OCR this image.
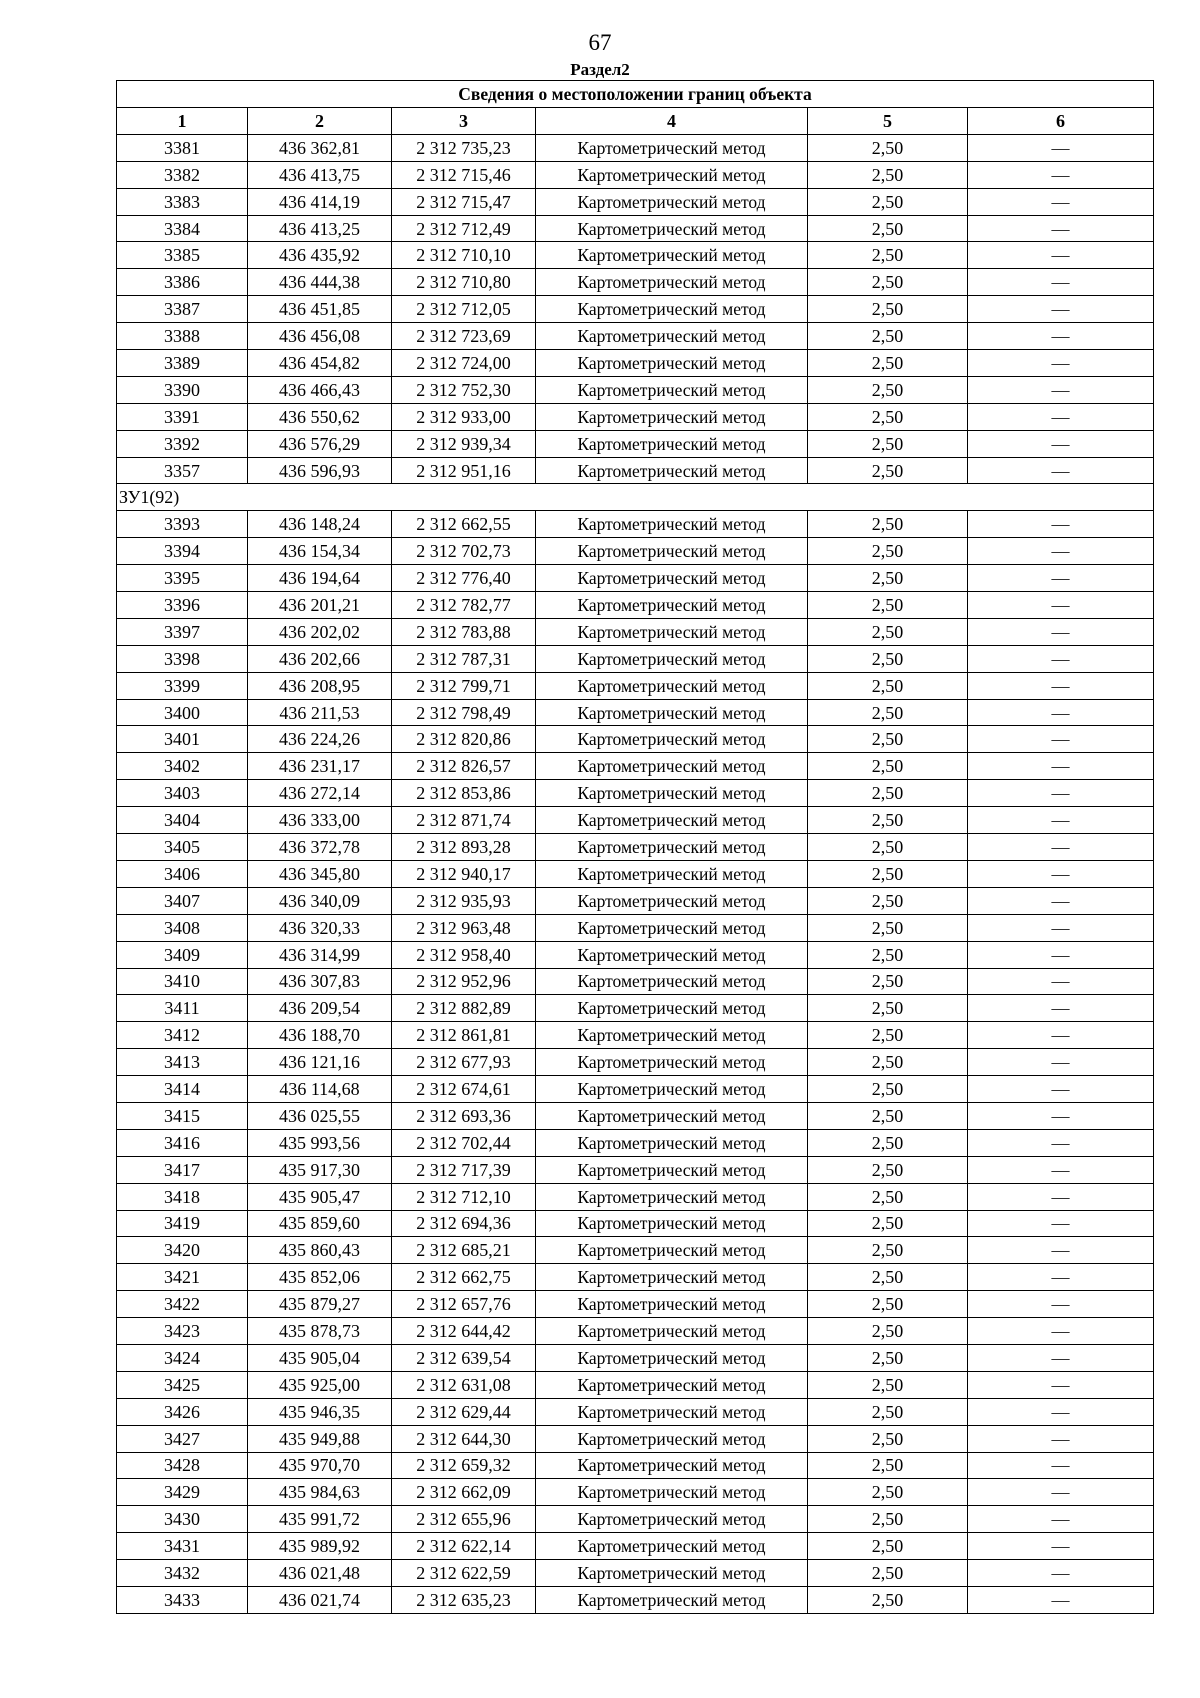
67
Раздел2
Сведения о местоположении границ объекта					
1	2	3	4	5	6
3381	436 362,81	2 312 735,23	Картометрический метод	2,50	—
3382	436 413,75	2 312 715,46	Картометрический метод	2,50	—
3383	436 414,19	2 312 715,47	Картометрический метод	2,50	—
3384	436 413,25	2 312 712,49	Картометрический метод	2,50	—
3385	436 435,92	2 312 710,10	Картометрический метод	2,50	—
3386	436 444,38	2 312 710,80	Картометрический метод	2,50	—
3387	436 451,85	2 312 712,05	Картометрический метод	2,50	—
3388	436 456,08	2 312 723,69	Картометрический метод	2,50	—
3389	436 454,82	2 312 724,00	Картометрический метод	2,50	—
3390	436 466,43	2 312 752,30	Картометрический метод	2,50	—
3391	436 550,62	2 312 933,00	Картометрический метод	2,50	—
3392	436 576,29	2 312 939,34	Картометрический метод	2,50	—
3357	436 596,93	2 312 951,16	Картометрический метод	2,50	—
ЗУ1(92)					
3393	436 148,24	2 312 662,55	Картометрический метод	2,50	—
3394	436 154,34	2 312 702,73	Картометрический метод	2,50	—
3395	436 194,64	2 312 776,40	Картометрический метод	2,50	—
3396	436 201,21	2 312 782,77	Картометрический метод	2,50	—
3397	436 202,02	2 312 783,88	Картометрический метод	2,50	—
3398	436 202,66	2 312 787,31	Картометрический метод	2,50	—
3399	436 208,95	2 312 799,71	Картометрический метод	2,50	—
3400	436 211,53	2 312 798,49	Картометрический метод	2,50	—
3401	436 224,26	2 312 820,86	Картометрический метод	2,50	—
3402	436 231,17	2 312 826,57	Картометрический метод	2,50	—
3403	436 272,14	2 312 853,86	Картометрический метод	2,50	—
3404	436 333,00	2 312 871,74	Картометрический метод	2,50	—
3405	436 372,78	2 312 893,28	Картометрический метод	2,50	—
3406	436 345,80	2 312 940,17	Картометрический метод	2,50	—
3407	436 340,09	2 312 935,93	Картометрический метод	2,50	—
3408	436 320,33	2 312 963,48	Картометрический метод	2,50	—
3409	436 314,99	2 312 958,40	Картометрический метод	2,50	—
3410	436 307,83	2 312 952,96	Картометрический метод	2,50	—
3411	436 209,54	2 312 882,89	Картометрический метод	2,50	—
3412	436 188,70	2 312 861,81	Картометрический метод	2,50	—
3413	436 121,16	2 312 677,93	Картометрический метод	2,50	—
3414	436 114,68	2 312 674,61	Картометрический метод	2,50	—
3415	436 025,55	2 312 693,36	Картометрический метод	2,50	—
3416	435 993,56	2 312 702,44	Картометрический метод	2,50	—
3417	435 917,30	2 312 717,39	Картометрический метод	2,50	—
3418	435 905,47	2 312 712,10	Картометрический метод	2,50	—
3419	435 859,60	2 312 694,36	Картометрический метод	2,50	—
3420	435 860,43	2 312 685,21	Картометрический метод	2,50	—
3421	435 852,06	2 312 662,75	Картометрический метод	2,50	—
3422	435 879,27	2 312 657,76	Картометрический метод	2,50	—
3423	435 878,73	2 312 644,42	Картометрический метод	2,50	—
3424	435 905,04	2 312 639,54	Картометрический метод	2,50	—
3425	435 925,00	2 312 631,08	Картометрический метод	2,50	—
3426	435 946,35	2 312 629,44	Картометрический метод	2,50	—
3427	435 949,88	2 312 644,30	Картометрический метод	2,50	—
3428	435 970,70	2 312 659,32	Картометрический метод	2,50	—
3429	435 984,63	2 312 662,09	Картометрический метод	2,50	—
3430	435 991,72	2 312 655,96	Картометрический метод	2,50	—
3431	435 989,92	2 312 622,14	Картометрический метод	2,50	—
3432	436 021,48	2 312 622,59	Картометрический метод	2,50	—
3433	436 021,74	2 312 635,23	Картометрический метод	2,50	—
